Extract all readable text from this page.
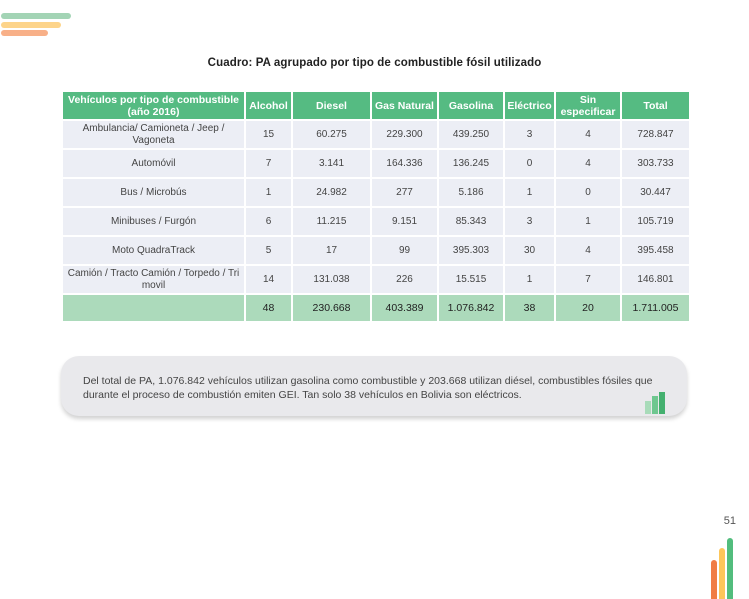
Cuadro: PA agrupado por tipo de combustible fósil utilizado
Vehículos por tipo de combustible (año 2016)	Alcohol	Diesel	Gas Natural	Gasolina	Eléctrico	Sin especificar	Total
Ambulancia/ Camioneta / Jeep / Vagoneta	15	60.275	229.300	439.250	3	4	728.847
Automóvil	7	3.141	164.336	136.245	0	4	303.733
Bus / Microbús	1	24.982	277	5.186	1	0	30.447
Minibuses / Furgón	6	11.215	9.151	85.343	3	1	105.719
Moto QuadraTrack	5	17	99	395.303	30	4	395.458
Camión / Tracto Camión / Torpedo / Tri movil	14	131.038	226	15.515	1	7	146.801
	48	230.668	403.389	1.076.842	38	20	1.711.005
Del total de PA, 1.076.842 vehículos utilizan gasolina como combustible y 203.668 utilizan diésel, combustibles fósiles que durante el proceso de combustión emiten GEI. Tan solo 38 vehículos en Bolivia son eléctricos.
51
